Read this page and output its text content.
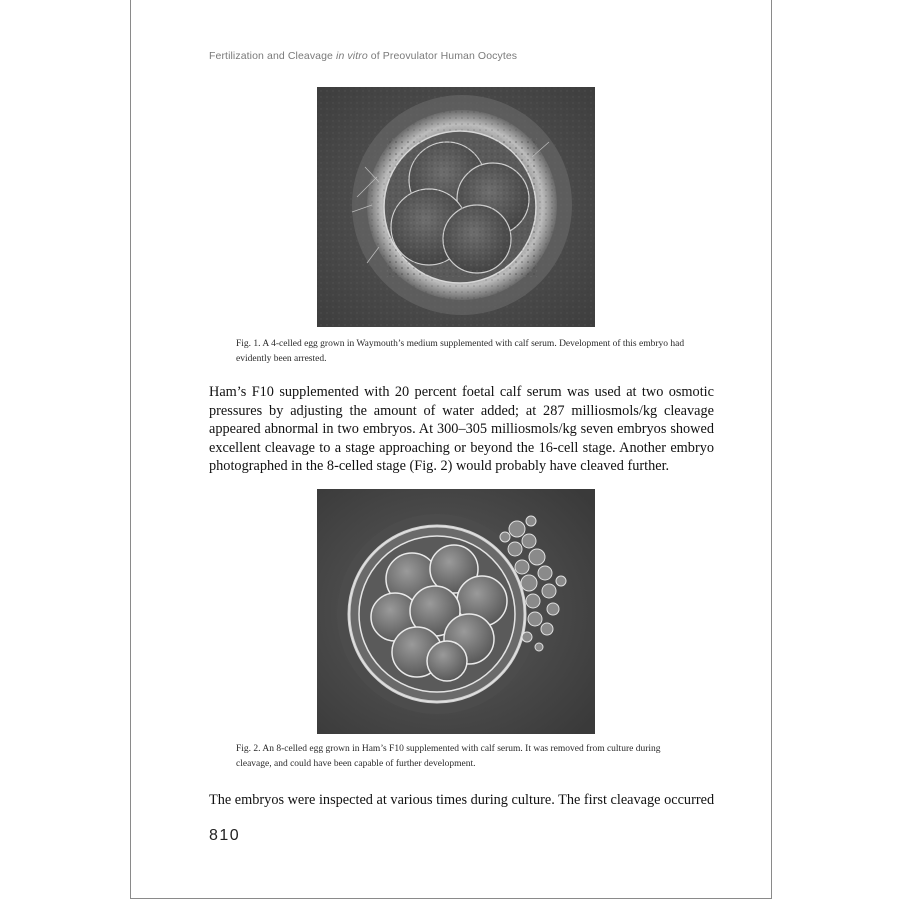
Fertilization and Cleavage in vitro of Preovulator Human Oocytes
Fig. 1. A 4-celled egg grown in Waymouth’s medium supplemented with calf serum. Development of this embryo had evidently been arrested.
Ham’s F10 supplemented with 20 percent foetal calf serum was used at two osmotic pressures by adjusting the amount of water added; at 287 milliosmols/kg cleavage appeared abnormal in two embryos. At 300–305 milliosmols/kg seven embryos showed excellent cleavage to a stage approaching or beyond the 16-cell stage. Another embryo photographed in the 8-celled stage (Fig. 2) would probably have cleaved further.
Fig. 2. An 8-celled egg grown in Ham’s F10 supplemented with calf serum. It was removed from culture during cleavage, and could have been capable of further development.
The embryos were inspected at various times during culture. The first cleavage occurred
810
